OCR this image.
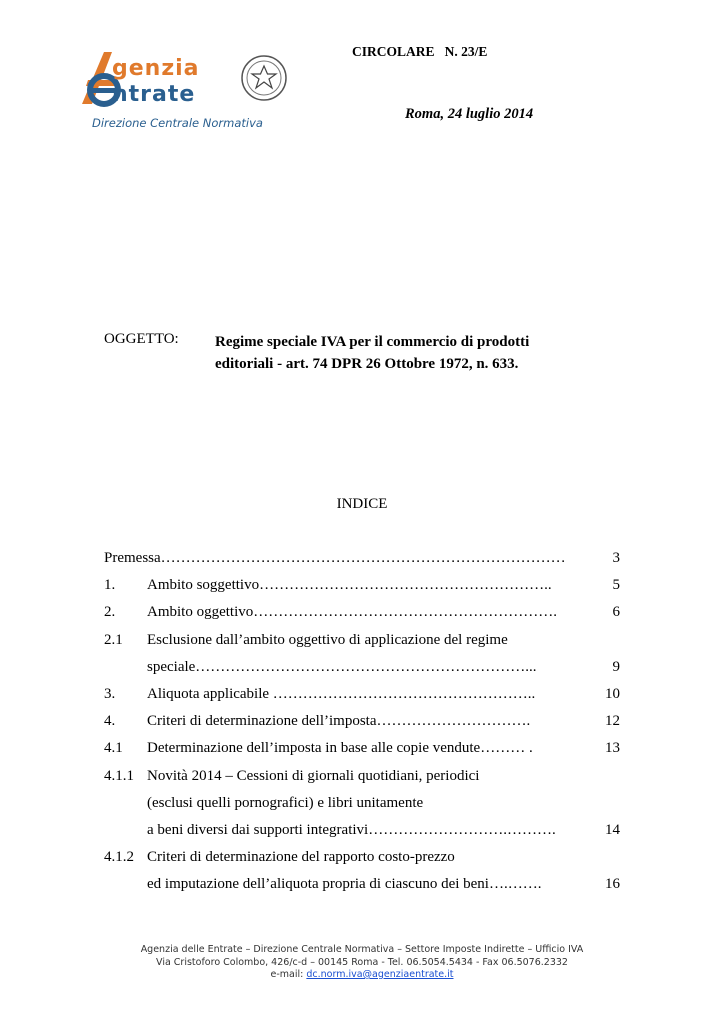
genzia
ntrate
Direzione Centrale Normativa
CIRCOLARE   N. 23/E
Roma, 24 luglio 2014
OGGETTO: Regime speciale IVA per il commercio di prodotti
editoriali - art. 74 DPR 26 Ottobre 1972, n. 633.
INDICE
Premessa………………………………………………………………………	3
1. Ambito soggettivo…………………………………………………..	5
2. Ambito oggettivo…………………………………………………….	6
2.1 Esclusione dall’ambito oggettivo di applicazione del regime
speciale…………………………………………………………...	9
3. Aliquota applicabile ……………………………………………..	10
4. Criteri di determinazione dell’imposta………………………….	12
4.1 Determinazione dell’imposta in base alle copie vendute……… .	13
4.1.1 Novità 2014 – Cessioni di giornali quotidiani, periodici
(esclusi quelli pornografici) e libri unitamente
a beni diversi dai supporti integrativi……………………….……….	14
4.1.2 Criteri di determinazione del rapporto costo-prezzo
ed imputazione dell’aliquota propria di ciascuno dei beni….…….	16
Agenzia delle Entrate – Direzione Centrale Normativa – Settore Imposte Indirette – Ufficio IVA
Via Cristoforo Colombo, 426/c-d – 00145 Roma - Tel. 06.5054.5434 - Fax 06.5076.2332
e-mail: dc.norm.iva@agenziaentrate.it
